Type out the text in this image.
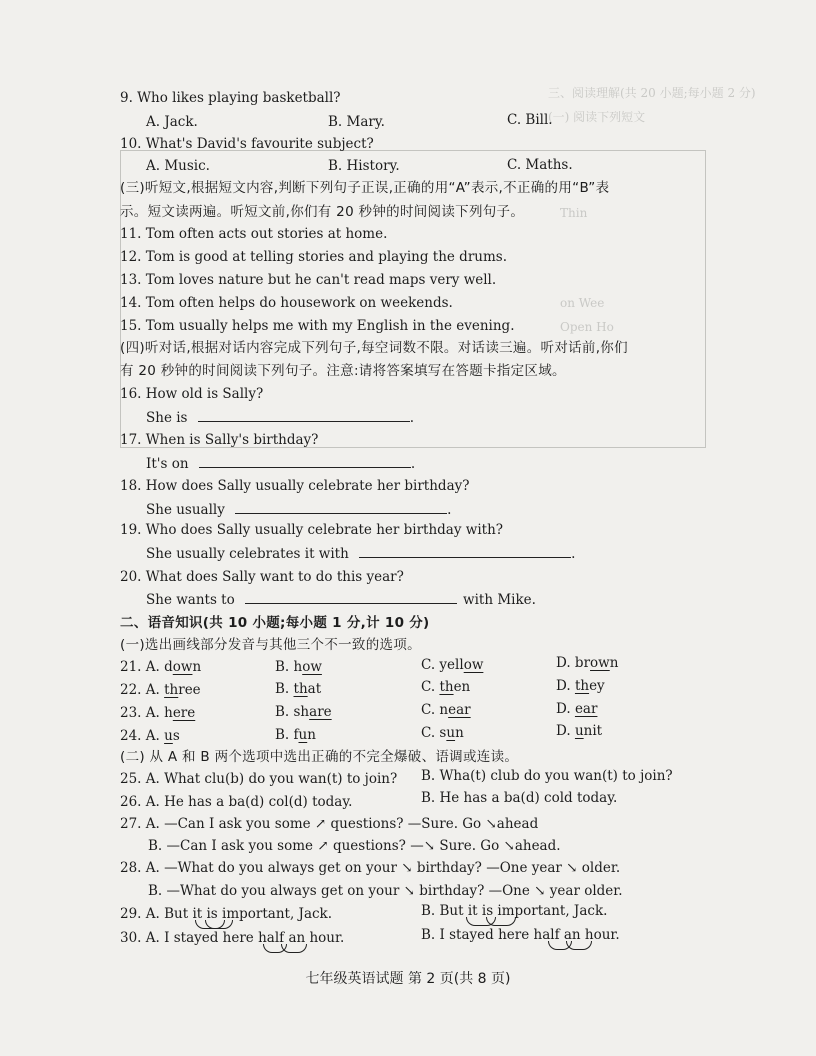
三、阅读理解(共 20 小题;每小题 2 分)
(一) 阅读下列短文
Thin
on Wee
Open Ho
9. Who likes playing basketball?
A. Jack.	B. Mary.	C. Bill.
10. What's David's favourite subject?
A. Music.	B. History.	C. Maths.
(三)听短文,根据短文内容,判断下列句子正误,正确的用“A”表示,不正确的用“B”表
示。短文读两遍。听短文前,你们有 20 秒钟的时间阅读下列句子。
11. Tom often acts out stories at home.
12. Tom is good at telling stories and playing the drums.
13. Tom loves nature but he can't read maps very well.
14. Tom often helps do housework on weekends.
15. Tom usually helps me with my English in the evening.
(四)听对话,根据对话内容完成下列句子,每空词数不限。对话读三遍。听对话前,你们
有 20 秒钟的时间阅读下列句子。注意:请将答案填写在答题卡指定区域。
16. How old is Sally?
She is	.
17. When is Sally's birthday?
It's on	.
18. How does Sally usually celebrate her birthday?
She usually	.
19. Who does Sally usually celebrate her birthday with?
She usually celebrates it with	.
20. What does Sally want to do this year?
She wants to	with Mike.
二、语音知识(共 10 小题;每小题 1 分,计 10 分)
(一)选出画线部分发音与其他三个不一致的选项。
21. A. down	B. how	C. yellow	D. brown
22. A. three	B. that	C. then	D. they
23. A. here	B. share	C. near	D. ear
24. A. us	B. fun	C. sun	D. unit
(二) 从 A 和 B 两个选项中选出正确的不完全爆破、语调或连读。
25. A. What clu(b) do you wan(t) to join? B. Wha(t) club do you wan(t) to join?
26. A. He has a ba(d) col(d) today.	B. He has a ba(d) cold today.
27. A. —Can I ask you some ↗ questions? —Sure. Go ↘ahead
B. —Can I ask you some ↗ questions? —↘ Sure. Go ↘ahead.
28. A. —What do you always get on your ↘ birthday? —One year ↘ older.
B. —What do you always get on your ↘ birthday? —One ↘ year older.
29. A. But it is important, Jack.	B. But it is important, Jack.
30. A. I stayed here half an hour.	B. I stayed here half an hour.
七年级英语试题 第 2 页(共 8 页)
